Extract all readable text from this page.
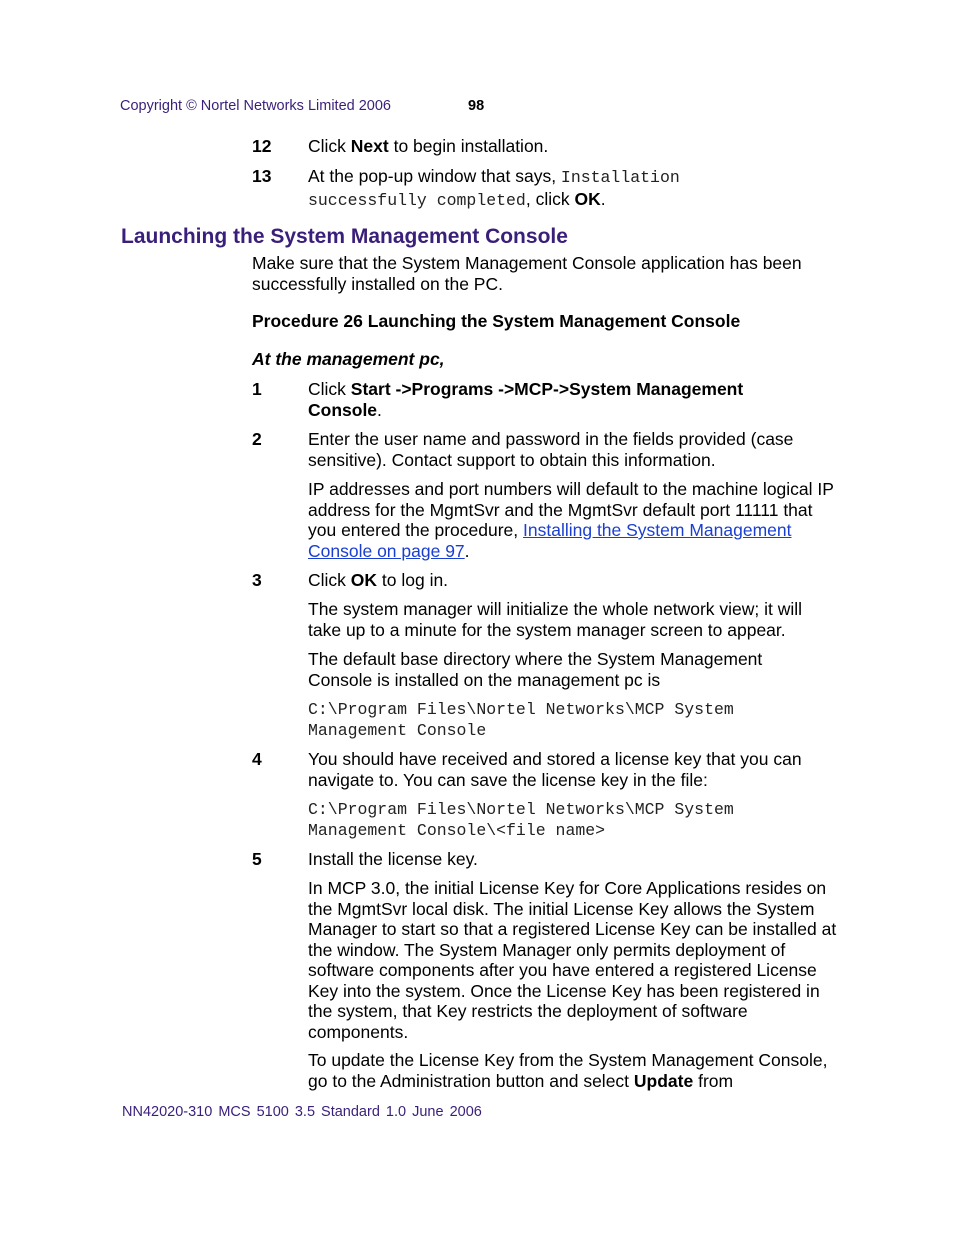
Copyright © Nortel Networks Limited 2006	98
12 Click Next to begin installation.
13 At the pop-up window that says, Installation successfully completed, click OK.
Launching the System Management Console
Make sure that the System Management Console application has been successfully installed on the PC.
Procedure 26 Launching the System Management Console
At the management pc,
1	Click Start ->Programs ->MCP->System Management Console.
2	Enter the user name and password in the fields provided (case sensitive). Contact support to obtain this information.
IP addresses and port numbers will default to the machine logical IP address for the MgmtSvr and the MgmtSvr default port 11111 that you entered the procedure, Installing the System Management Console on page 97.
3	Click OK to log in.
The system manager will initialize the whole network view; it will take up to a minute for the system manager screen to appear.
The default base directory where the System Management Console is installed on the management pc is
C:\Program Files\Nortel Networks\MCP System Management Console
4	You should have received and stored a license key that you can navigate to. You can save the license key in the file:
C:\Program Files\Nortel Networks\MCP System Management Console\<file name>
5	Install the license key.
In MCP 3.0, the initial License Key for Core Applications resides on the MgmtSvr local disk. The initial License Key allows the System Manager to start so that a registered License Key can be installed at the window. The System Manager only permits deployment of software components after you have entered a registered License Key into the system. Once the License Key has been registered in the system, that Key restricts the deployment of software components.
To update the License Key from the System Management Console, go to the Administration button and select Update from
NN42020-310 MCS 5100 3.5 Standard 1.0 June 2006
